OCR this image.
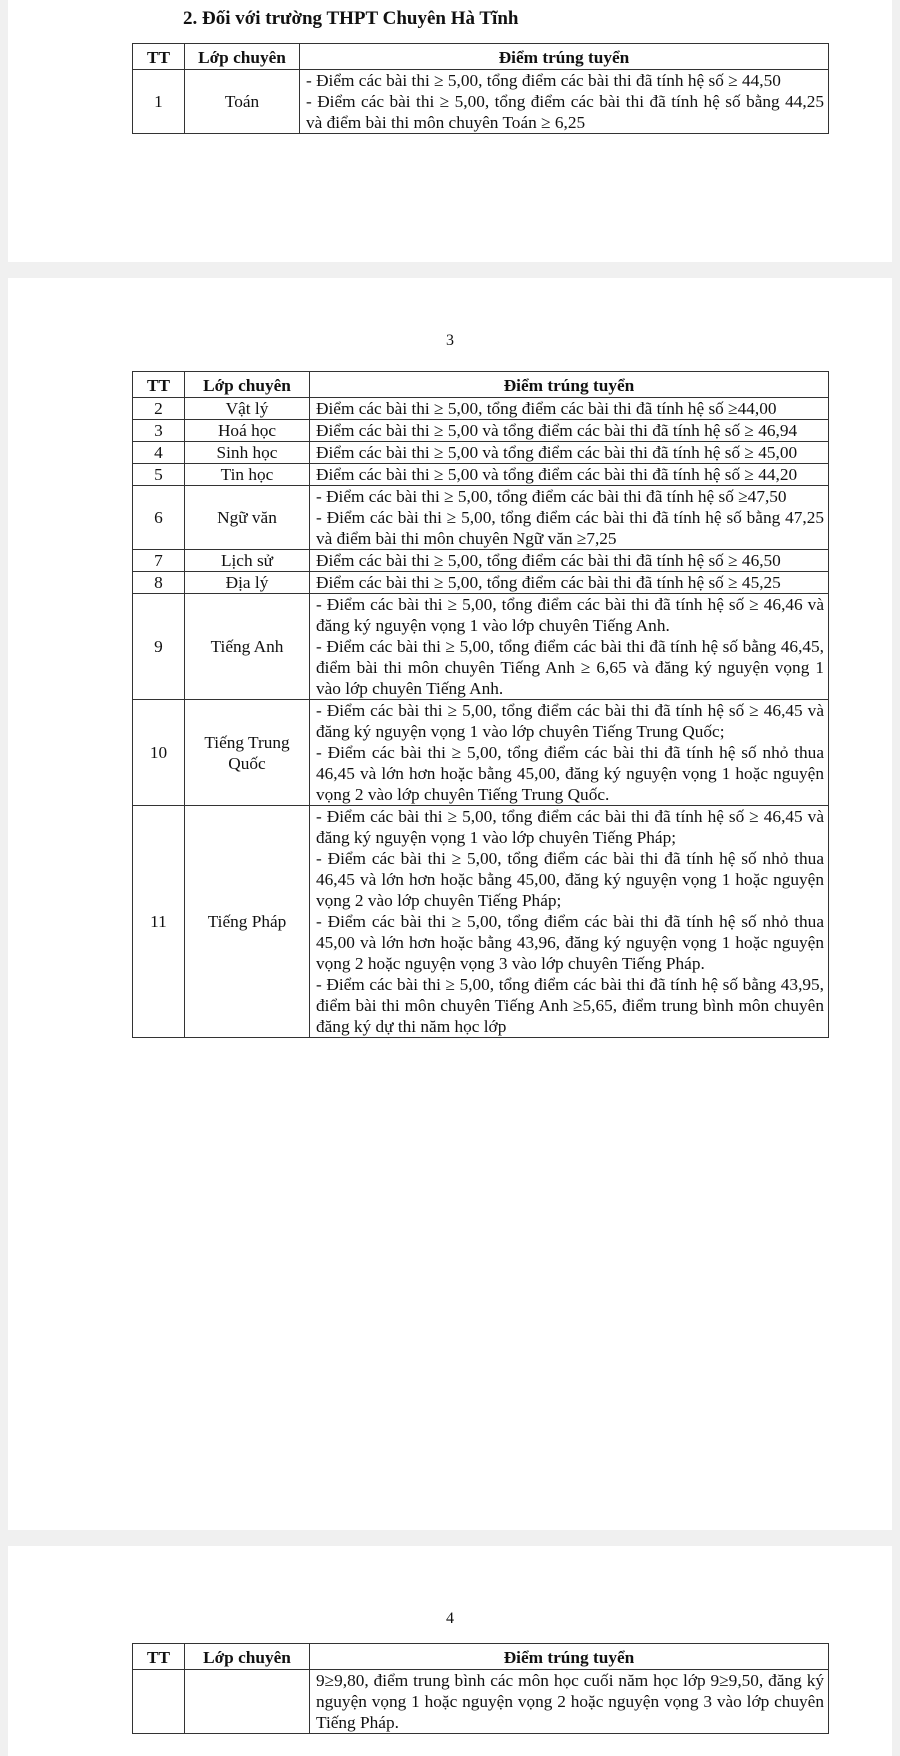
2. Đối với trường THPT Chuyên Hà Tĩnh
TT	Lớp chuyên	Điểm trúng tuyển
1	Toán	- Điểm các bài thi ≥ 5,00, tổng điểm các bài thi đã tính hệ số ≥ 44,50
- Điểm các bài thi ≥ 5,00, tổng điểm các bài thi đã tính hệ số bằng 44,25 và điểm bài thi môn chuyên Toán ≥ 6,25
3
TT	Lớp chuyên	Điểm trúng tuyển
2	Vật lý	Điểm các bài thi ≥ 5,00, tổng điểm các bài thi đã tính hệ số ≥44,00

3	Hoá học	Điểm các bài thi ≥ 5,00 và tổng điểm các bài thi đã tính hệ số ≥ 46,94

4	Sinh học	Điểm các bài thi ≥ 5,00 và tổng điểm các bài thi đã tính hệ số ≥ 45,00

5	Tin học	Điểm các bài thi ≥ 5,00 và tổng điểm các bài thi đã tính hệ số ≥ 44,20

6	Ngữ văn	- Điểm các bài thi ≥ 5,00, tổng điểm các bài thi đã tính hệ số ≥47,50
- Điểm các bài thi ≥ 5,00, tổng điểm các bài thi đã tính hệ số bằng 47,25 và điểm bài thi môn chuyên Ngữ văn ≥7,25

7	Lịch sử	Điểm các bài thi ≥ 5,00, tổng điểm các bài thi đã tính hệ số ≥ 46,50

8	Địa lý	Điểm các bài thi ≥ 5,00, tổng điểm các bài thi đã tính hệ số ≥ 45,25

9	Tiếng Anh	- Điểm các bài thi ≥ 5,00, tổng điểm các bài thi đã tính hệ số ≥ 46,46 và đăng ký nguyện vọng 1 vào lớp chuyên Tiếng Anh.
- Điểm các bài thi ≥ 5,00, tổng điểm các bài thi đã tính hệ số bằng 46,45, điểm bài thi môn chuyên Tiếng Anh ≥ 6,65 và đăng ký nguyện vọng 1 vào lớp chuyên Tiếng Anh.

10	Tiếng Trung Quốc	- Điểm các bài thi ≥ 5,00, tổng điểm các bài thi đã tính hệ số ≥ 46,45 và đăng ký nguyện vọng 1 vào lớp chuyên Tiếng Trung Quốc;
- Điểm các bài thi ≥ 5,00, tổng điểm các bài thi đã tính hệ số nhỏ thua 46,45 và lớn hơn hoặc bằng 45,00, đăng ký nguyện vọng 1 hoặc nguyện vọng 2 vào lớp chuyên Tiếng Trung Quốc.

11	Tiếng Pháp	- Điểm các bài thi ≥ 5,00, tổng điểm các bài thi đã tính hệ số ≥ 46,45 và đăng ký nguyện vọng 1 vào lớp chuyên Tiếng Pháp;
- Điểm các bài thi ≥ 5,00, tổng điểm các bài thi đã tính hệ số nhỏ thua 46,45 và lớn hơn hoặc bằng 45,00, đăng ký nguyện vọng 1 hoặc nguyện vọng 2 vào lớp chuyên Tiếng Pháp;
- Điểm các bài thi ≥ 5,00, tổng điểm các bài thi đã tính hệ số nhỏ thua 45,00 và lớn hơn hoặc bằng 43,96, đăng ký nguyện vọng 1 hoặc nguyện vọng 2 hoặc nguyện vọng 3 vào lớp chuyên Tiếng Pháp.
- Điểm các bài thi ≥ 5,00, tổng điểm các bài thi đã tính hệ số bằng 43,95, điểm bài thi môn chuyên Tiếng Anh ≥5,65, điểm trung bình môn chuyên đăng ký dự thi năm học lớp
4
TT	Lớp chuyên	Điểm trúng tuyển

		9≥9,80, điểm trung bình các môn học cuối năm học lớp 9≥9,50, đăng ký nguyện vọng 1 hoặc nguyện vọng 2 hoặc nguyện vọng 3 vào lớp chuyên Tiếng Pháp.
